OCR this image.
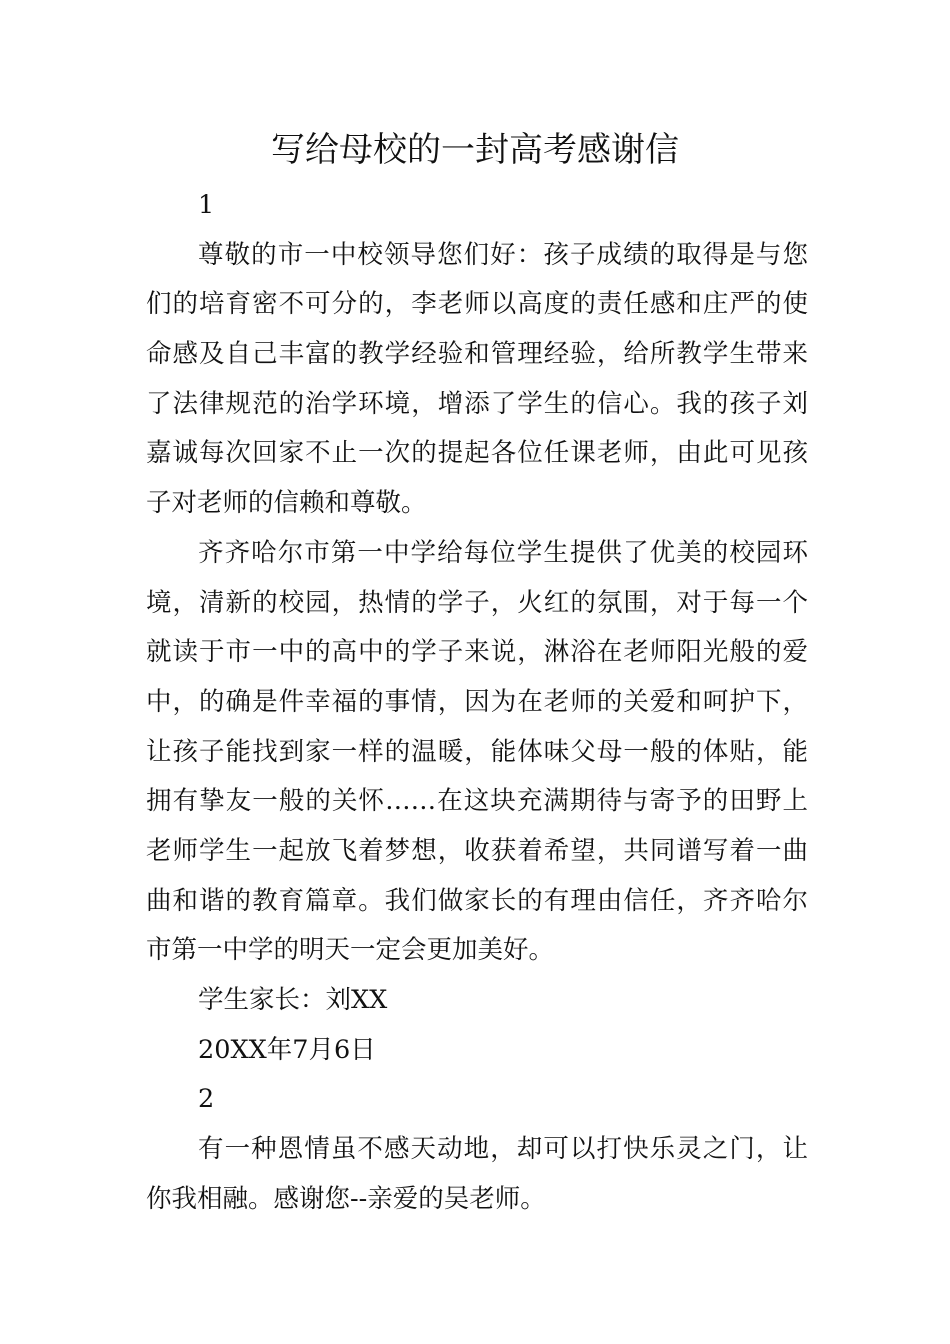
写给母校的一封高考感谢信
1
尊敬的市一中校领导您们好：孩子成绩的取得是与您
们的培育密不可分的，李老师以高度的责任感和庄严的使
命感及自己丰富的教学经验和管理经验，给所教学生带来
了法律规范的治学环境，增添了学生的信心。我的孩子刘
嘉诚每次回家不止一次的提起各位任课老师，由此可见孩
子对老师的信赖和尊敬。
齐齐哈尔市第一中学给每位学生提供了优美的校园环
境，清新的校园，热情的学子，火红的氛围，对于每一个
就读于市一中的高中的学子来说，淋浴在老师阳光般的爱
中，的确是件幸福的事情，因为在老师的关爱和呵护下，
让孩子能找到家一样的温暖，能体味父母一般的体贴，能
拥有挚友一般的关怀……在这块充满期待与寄予的田野上
老师学生一起放飞着梦想，收获着希望，共同谱写着一曲
曲和谐的教育篇章。我们做家长的有理由信任，齐齐哈尔
市第一中学的明天一定会更加美好。
学生家长：刘XX
20XX年7月6日
2
有一种恩情虽不感天动地，却可以打快乐灵之门，让
你我相融。感谢您--亲爱的吴老师。
